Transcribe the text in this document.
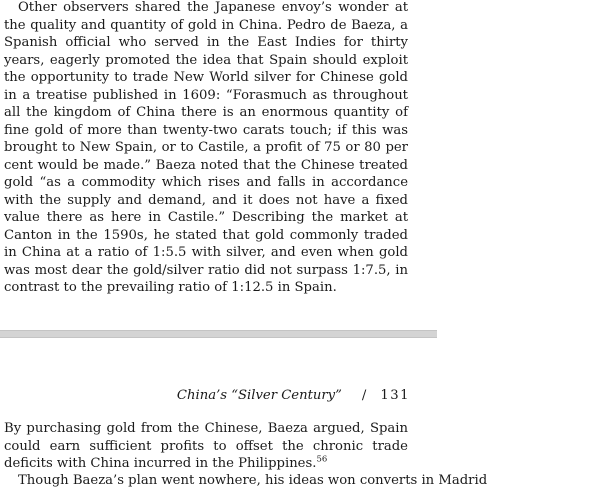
Other observers shared the Japanese envoy’s wonder at the quality and quantity of gold in China. Pedro de Baeza, a Spanish official who served in the East Indies for thirty years, eagerly promoted the idea that Spain should exploit the opportunity to trade New World silver for Chinese gold in a treatise published in 1609: “Forasmuch as throughout all the kingdom of China there is an enormous quantity of fine gold of more than twenty-two carats touch; if this was brought to New Spain, or to Castile, a profit of 75 or 80 per cent would be made.” Baeza noted that the Chinese treated gold “as a commodity which rises and falls in accordance with the supply and demand, and it does not have a fixed value there as here in Castile.” Describing the market at Canton in the 1590s, he stated that gold commonly traded in China at a ratio of 1:5.5 with silver, and even when gold was most dear the gold/silver ratio did not surpass 1:7.5, in contrast to the prevailing ratio of 1:12.5 in Spain.

China’s “Silver Century” / 131

By purchasing gold from the Chinese, Baeza argued, Spain could earn sufficient profits to offset the chronic trade deficits with China incurred in the Philippines.$^{56}$

Though Baeza’s plan went nowhere, his ideas won converts in Madrid
